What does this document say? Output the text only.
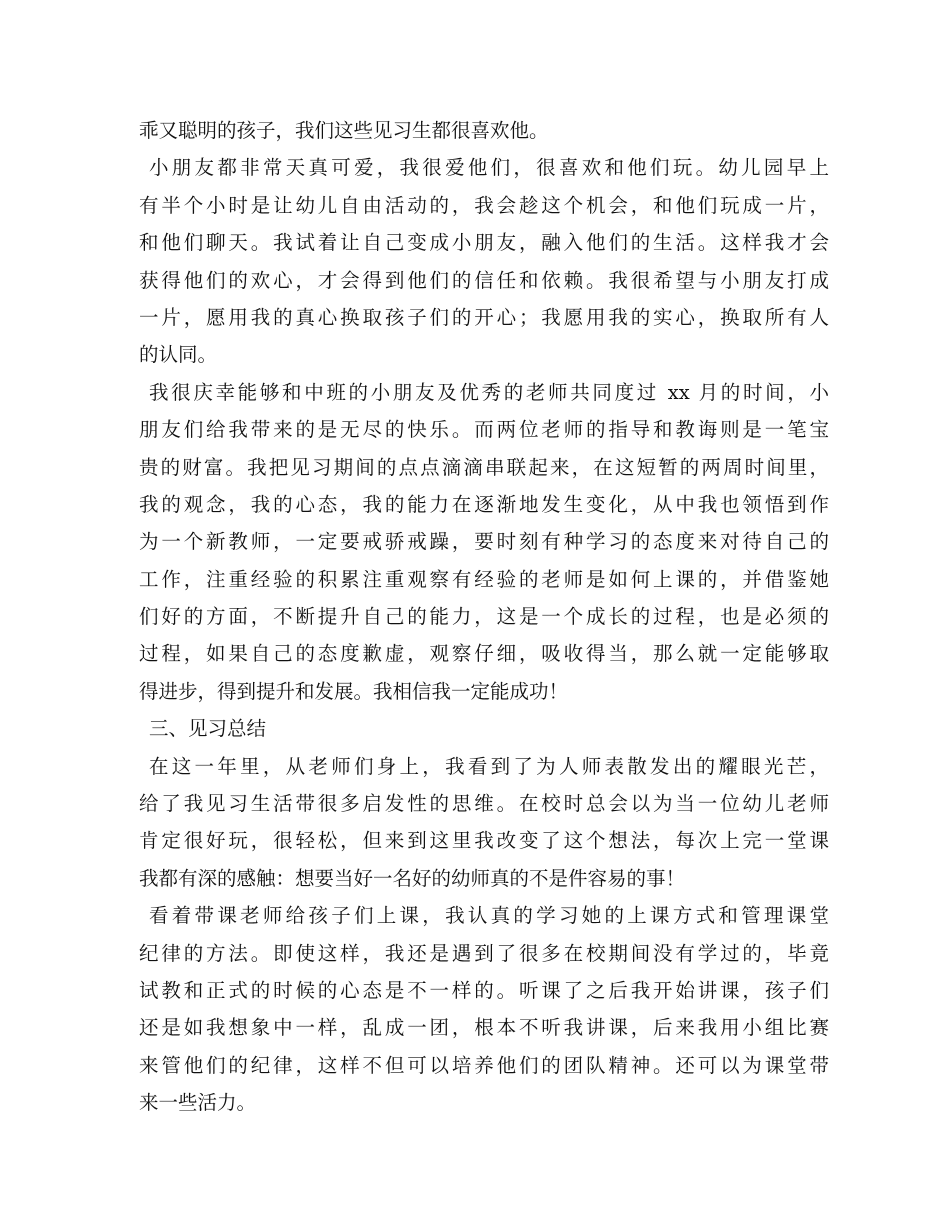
乖又聪明的孩子，我们这些见习生都很喜欢他。
小朋友都非常天真可爱，我很爱他们，很喜欢和他们玩。幼儿园早上
有半个小时是让幼儿自由活动的，我会趁这个机会，和他们玩成一片，
和他们聊天。我试着让自己变成小朋友，融入他们的生活。这样我才会
获得他们的欢心，才会得到他们的信任和依赖。我很希望与小朋友打成
一片，愿用我的真心换取孩子们的开心；我愿用我的实心，换取所有人
的认同。
我很庆幸能够和中班的小朋友及优秀的老师共同度过 xx 月的时间，小
朋友们给我带来的是无尽的快乐。而两位老师的指导和教诲则是一笔宝
贵的财富。我把见习期间的点点滴滴串联起来，在这短暂的两周时间里，
我的观念，我的心态，我的能力在逐渐地发生变化，从中我也领悟到作
为一个新教师，一定要戒骄戒躁，要时刻有种学习的态度来对待自己的
工作，注重经验的积累注重观察有经验的老师是如何上课的，并借鉴她
们好的方面，不断提升自己的能力，这是一个成长的过程，也是必须的
过程，如果自己的态度歉虚，观察仔细，吸收得当，那么就一定能够取
得进步，得到提升和发展。我相信我一定能成功！
三、见习总结
在这一年里，从老师们身上，我看到了为人师表散发出的耀眼光芒，
给了我见习生活带很多启发性的思维。在校时总会以为当一位幼儿老师
肯定很好玩，很轻松，但来到这里我改变了这个想法，每次上完一堂课
我都有深的感触：想要当好一名好的幼师真的不是件容易的事！
看着带课老师给孩子们上课，我认真的学习她的上课方式和管理课堂
纪律的方法。即使这样，我还是遇到了很多在校期间没有学过的，毕竟
试教和正式的时候的心态是不一样的。听课了之后我开始讲课，孩子们
还是如我想象中一样，乱成一团，根本不听我讲课，后来我用小组比赛
来管他们的纪律，这样不但可以培养他们的团队精神。还可以为课堂带
来一些活力。
